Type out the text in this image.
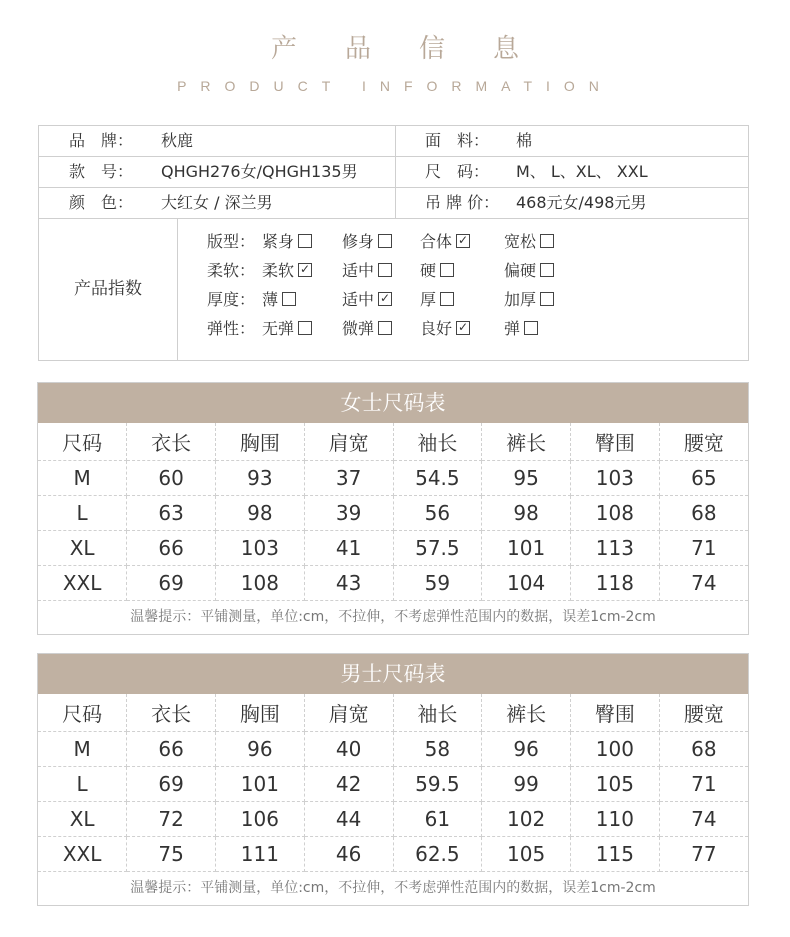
产品信息
PRODUCT INFORMATION
品　牌： 秋鹿	面　料： 棉
款　号： QHGH276女/QHGH135男	尺　码： M、 L、XL、 XXL
颜　色： 大红女 / 深兰男	吊 牌 价： 468元女/498元男
产品指数
版型： 紧身	修身	合体 ✓ 宽松
柔软： 柔软 ✓ 适中	硬	偏硬
厚度： 薄	适中 ✓ 厚	加厚
弹性： 无弹	微弹	良好 ✓ 弹
女士尺码表
尺码	衣长	胸围	肩宽	袖长	裤长	臀围	腰宽
M	60	93	37	54.5	95	103	65
L	63	98	39	56	98	108	68
XL	66	103	41	57.5	101	113	71
XXL	69	108	43	59	104	118	74
温馨提示：平铺测量，单位:cm，不拉伸，不考虑弹性范围内的数据，误差1cm-2cm
男士尺码表
尺码	衣长	胸围	肩宽	袖长	裤长	臀围	腰宽
M	66	96	40	58	96	100	68
L	69	101	42	59.5	99	105	71
XL	72	106	44	61	102	110	74
XXL	75	111	46	62.5	105	115	77
温馨提示：平铺测量，单位:cm，不拉伸，不考虑弹性范围内的数据，误差1cm-2cm
